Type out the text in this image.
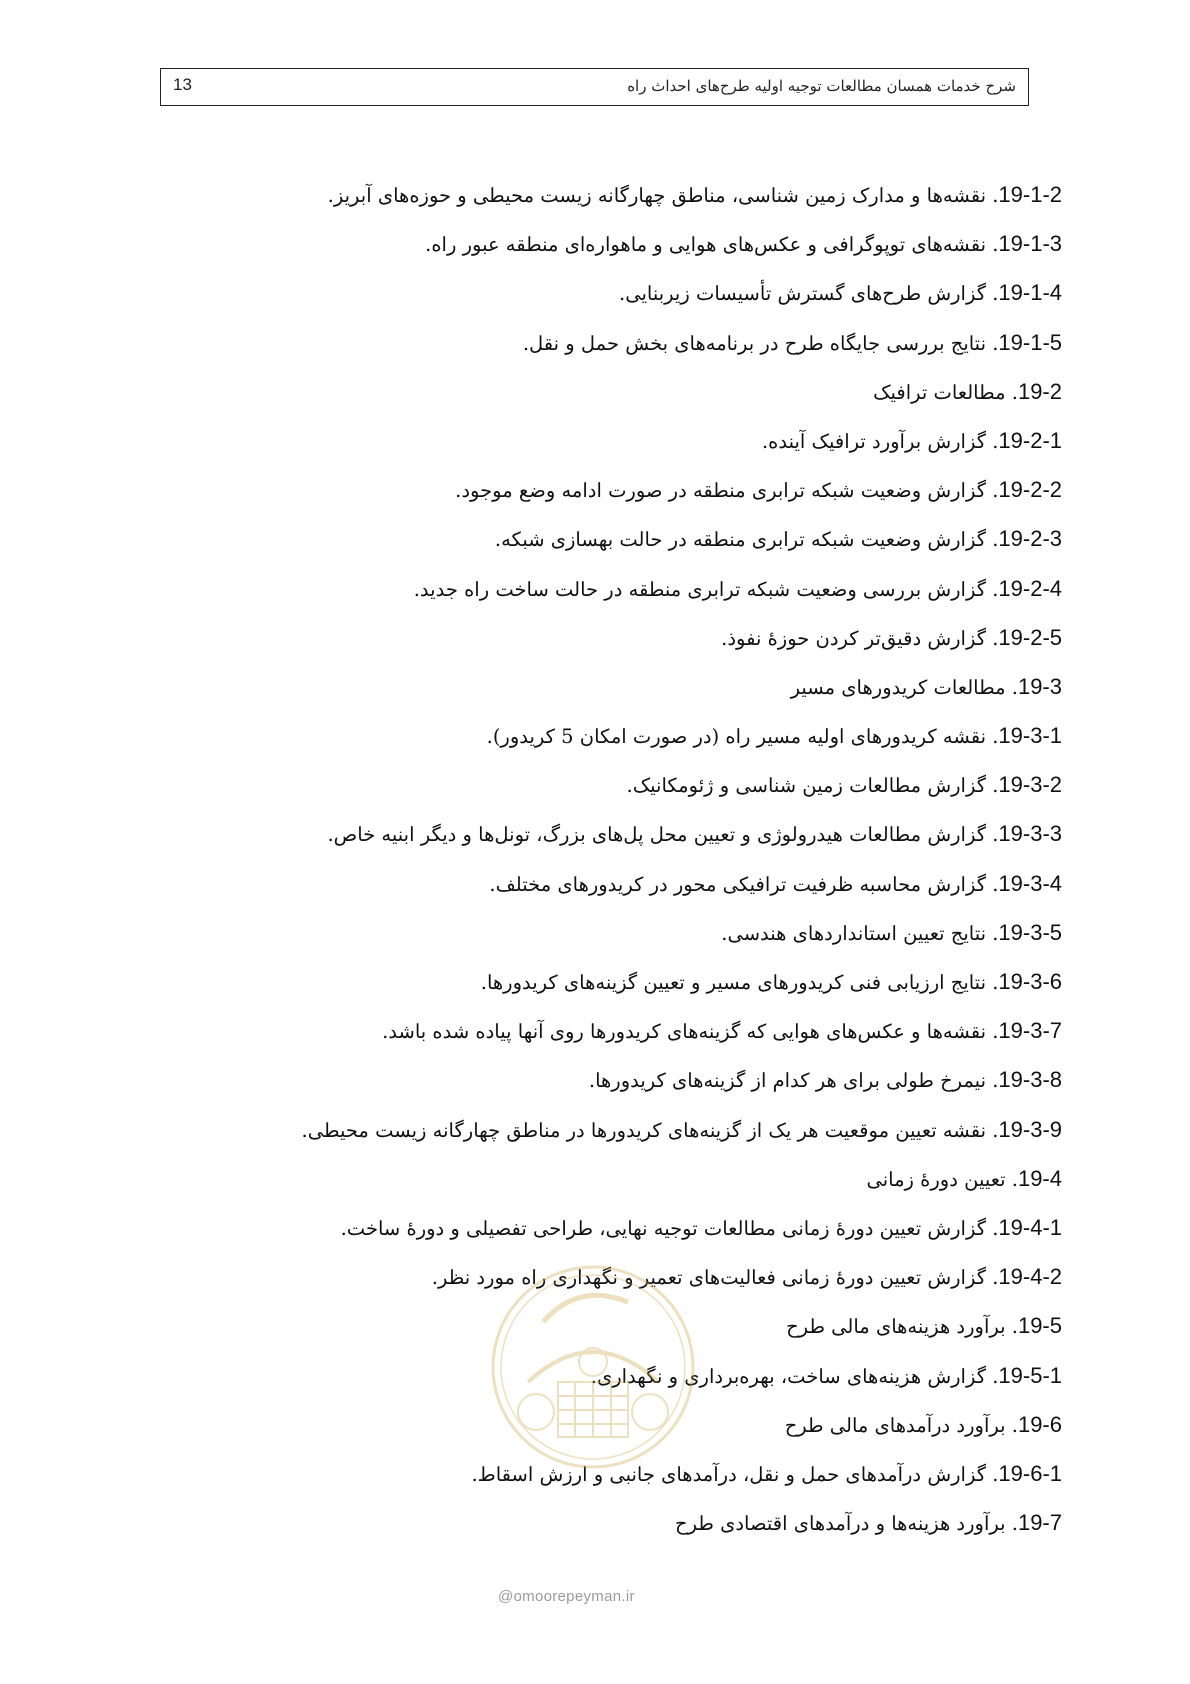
13	شرح خدمات همسان مطالعات توجیه اولیه طرح‌های احداث راه
19-1-2. نقشه‌ها و مدارک زمین شناسی، مناطق چهارگانه زیست محیطی و حوزه‌های آبریز.
19-1-3. نقشه‌های توپوگرافی و عکس‌های هوایی و ماهواره‌ای منطقه عبور راه.
19-1-4. گزارش طرح‌های گسترش تأسیسات زیربنایی.
19-1-5. نتایج بررسی جایگاه طرح در برنامه‌های بخش حمل و نقل.
19-2. مطالعات ترافیک
19-2-1. گزارش برآورد ترافیک آینده.
19-2-2. گزارش وضعیت شبکه ترابری منطقه در صورت ادامه وضع موجود.
19-2-3. گزارش وضعیت شبکه ترابری منطقه در حالت بهسازی شبکه.
19-2-4. گزارش بررسی وضعیت شبکه ترابری منطقه در حالت ساخت راه جدید.
19-2-5. گزارش دقیق‌تر کردن حوزهٔ نفوذ.
19-3. مطالعات کریدورهای مسیر
19-3-1. نقشه کریدورهای اولیه مسیر راه (در صورت امکان 5 کریدور).
19-3-2. گزارش مطالعات زمین شناسی و ژئومکانیک.
19-3-3. گزارش مطالعات هیدرولوژی و تعیین محل پل‌های بزرگ، تونل‌ها و دیگر ابنیه خاص.
19-3-4. گزارش محاسبه ظرفیت ترافیکی محور در کریدورهای مختلف.
19-3-5. نتایج تعیین استانداردهای هندسی.
19-3-6. نتایج ارزیابی فنی کریدورهای مسیر و تعیین گزینه‌های کریدورها.
19-3-7. نقشه‌ها و عکس‌های هوایی که گزینه‌های کریدورها روی آنها پیاده شده باشد.
19-3-8. نیمرخ طولی برای هر کدام از گزینه‌های کریدورها.
19-3-9. نقشه تعیین موقعیت هر یک از گزینه‌های کریدورها در مناطق چهارگانه زیست محیطی.
19-4. تعیین دورهٔ زمانی
19-4-1. گزارش تعیین دورهٔ زمانی مطالعات توجیه نهایی، طراحی تفصیلی و دورهٔ ساخت.
19-4-2. گزارش تعیین دورهٔ زمانی فعالیت‌های تعمیر و نگهداری راه مورد نظر.
19-5. برآورد هزینه‌های مالی طرح
19-5-1. گزارش هزینه‌های ساخت، بهره‌برداری و نگهداری.
19-6. برآورد درآمدهای مالی طرح
19-6-1. گزارش درآمدهای حمل و نقل، درآمدهای جانبی و ارزش اسقاط.
19-7. برآورد هزینه‌ها و درآمدهای اقتصادی طرح
@omoorepeyman.ir
